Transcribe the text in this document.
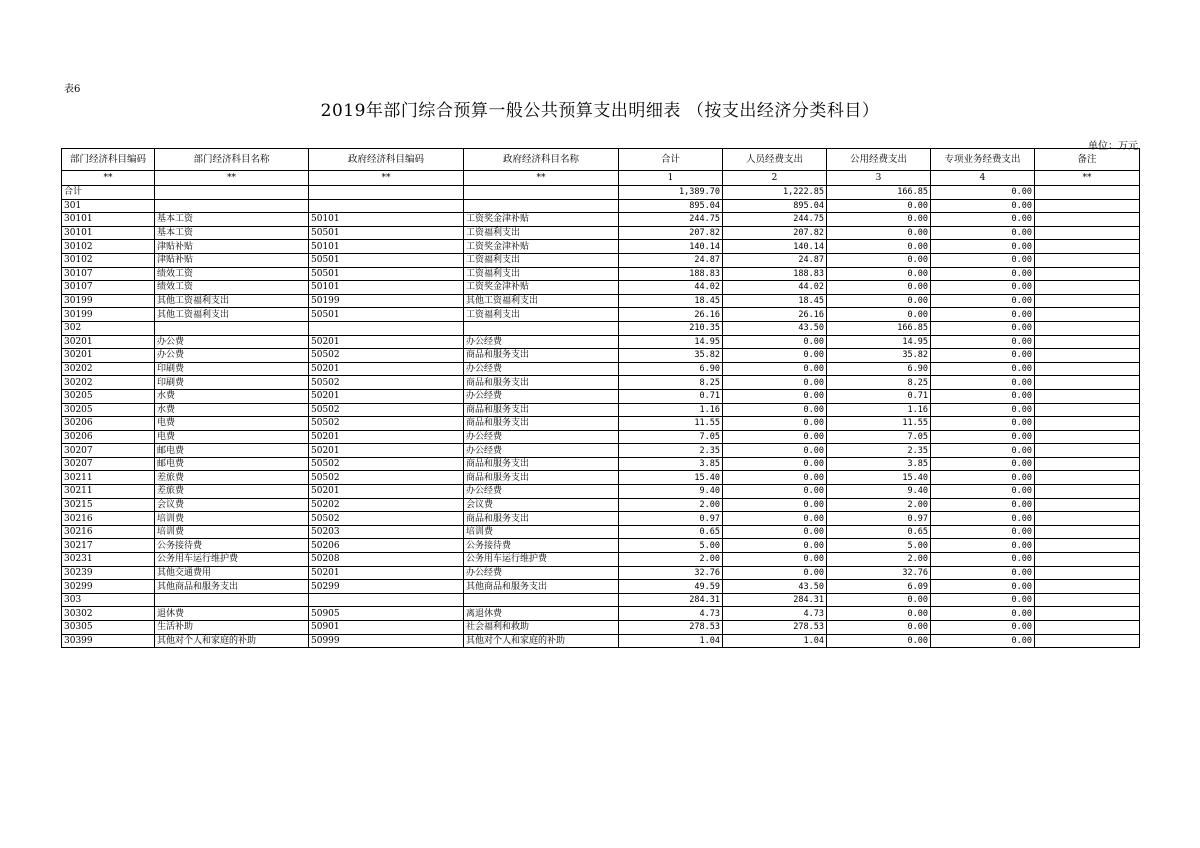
表6
2019年部门综合预算一般公共预算支出明细表 （按支出经济分类科目）
单位：万元
部门经济科目编码	部门经济科目名称	政府经济科目编码	政府经济科目名称	合计	人员经费支出	公用经费支出	专项业务经费支出	备注
**	**	**	**	1	2	3	4	**
合计				1,389.70	1,222.85	166.85	0.00	
301				895.04	895.04	0.00	0.00	
30101	基本工资	50101	工资奖金津补贴	244.75	244.75	0.00	0.00	
30101	基本工资	50501	工资福利支出	207.82	207.82	0.00	0.00	
30102	津贴补贴	50101	工资奖金津补贴	140.14	140.14	0.00	0.00	
30102	津贴补贴	50501	工资福利支出	24.87	24.87	0.00	0.00	
30107	绩效工资	50501	工资福利支出	188.83	188.83	0.00	0.00	
30107	绩效工资	50101	工资奖金津补贴	44.02	44.02	0.00	0.00	
30199	其他工资福利支出	50199	其他工资福利支出	18.45	18.45	0.00	0.00	
30199	其他工资福利支出	50501	工资福利支出	26.16	26.16	0.00	0.00	
302				210.35	43.50	166.85	0.00	
30201	办公费	50201	办公经费	14.95	0.00	14.95	0.00	
30201	办公费	50502	商品和服务支出	35.82	0.00	35.82	0.00	
30202	印刷费	50201	办公经费	6.90	0.00	6.90	0.00	
30202	印刷费	50502	商品和服务支出	8.25	0.00	8.25	0.00	
30205	水费	50201	办公经费	0.71	0.00	0.71	0.00	
30205	水费	50502	商品和服务支出	1.16	0.00	1.16	0.00	
30206	电费	50502	商品和服务支出	11.55	0.00	11.55	0.00	
30206	电费	50201	办公经费	7.05	0.00	7.05	0.00	
30207	邮电费	50201	办公经费	2.35	0.00	2.35	0.00	
30207	邮电费	50502	商品和服务支出	3.85	0.00	3.85	0.00	
30211	差旅费	50502	商品和服务支出	15.40	0.00	15.40	0.00	
30211	差旅费	50201	办公经费	9.40	0.00	9.40	0.00	
30215	会议费	50202	会议费	2.00	0.00	2.00	0.00	
30216	培训费	50502	商品和服务支出	0.97	0.00	0.97	0.00	
30216	培训费	50203	培训费	0.65	0.00	0.65	0.00	
30217	公务接待费	50206	公务接待费	5.00	0.00	5.00	0.00	
30231	公务用车运行维护费	50208	公务用车运行维护费	2.00	0.00	2.00	0.00	
30239	其他交通费用	50201	办公经费	32.76	0.00	32.76	0.00	
30299	其他商品和服务支出	50299	其他商品和服务支出	49.59	43.50	6.09	0.00	
303				284.31	284.31	0.00	0.00	
30302	退休费	50905	离退休费	4.73	4.73	0.00	0.00	
30305	生活补助	50901	社会福利和救助	278.53	278.53	0.00	0.00	
30399	其他对个人和家庭的补助	50999	其他对个人和家庭的补助	1.04	1.04	0.00	0.00	
